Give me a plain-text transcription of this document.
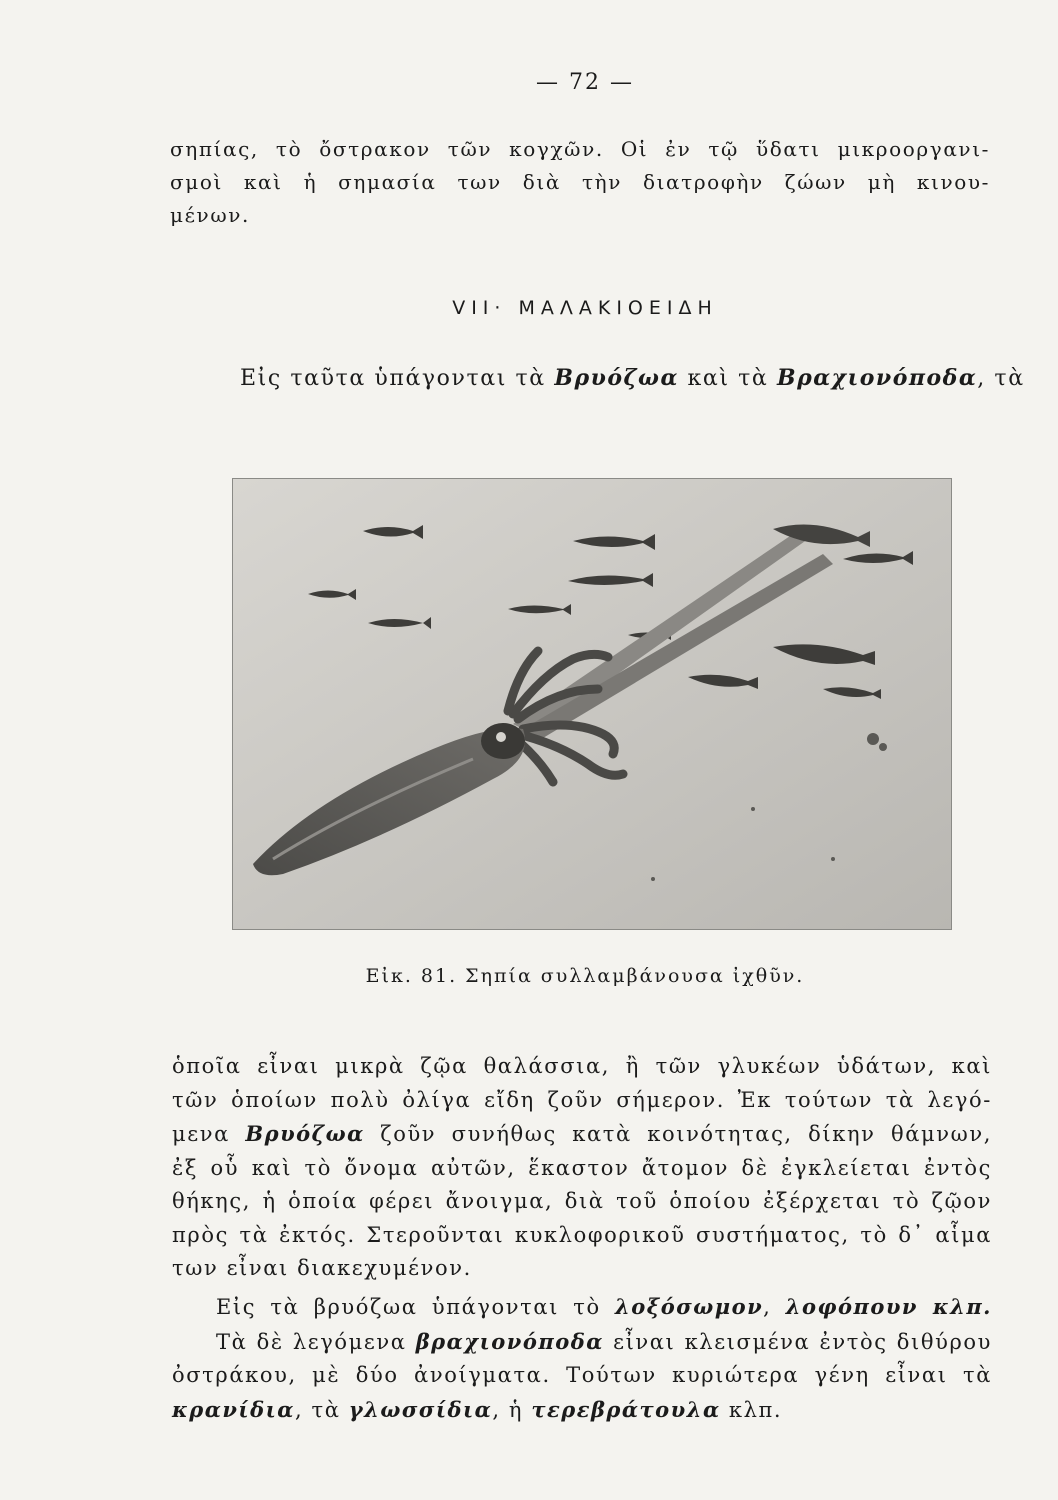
— 72 —

σηπίας, τὸ ὄστρακον τῶν κογχῶν. Οἱ ἐν τῷ ὕδατι μικροοργανι-
σμοὶ καὶ ἡ σημασία των διὰ τὴν διατροφὴν ζώων μὴ κινου-
μένων.

VII· ΜΑΛΑΚΙΟΕΙΔΗ

Εἰς ταῦτα ὑπάγονται τὰ Βρυόζωα καὶ τὰ Βραχιονόποδα, τὰ

Εἰκ. 81. Σηπία συλλαμβάνουσα ἰχθῦν.

ὁποῖα εἶναι μικρὰ ζῷα θαλάσσια, ἢ τῶν γλυκέων ὑδάτων, καὶ
τῶν ὁποίων πολὺ ὀλίγα εἴδη ζοῦν σήμερον. Ἐκ τούτων τὰ λεγό-
μενα Βρυόζωα ζοῦν συνήθως κατὰ κοινότητας, δίκην θάμνων,
ἐξ οὗ καὶ τὸ ὄνομα αὐτῶν, ἕκαστον ἄτομον δὲ ἐγκλείεται ἐντὸς
θήκης, ἡ ὁποία φέρει ἄνοιγμα, διὰ τοῦ ὁποίου ἐξέρχεται τὸ ζῷον
πρὸς τὰ ἐκτός. Στεροῦνται κυκλοφορικοῦ συστήματος, τὸ δ᾽ αἷμα
των εἶναι διακεχυμένον.

Εἰς τὰ βρυόζωα ὑπάγονται τὸ λοξόσωμον, λοφόπουν κλπ.
Τὰ δὲ λεγόμενα βραχιονόποδα εἶναι κλεισμένα ἐντὸς διθύρου
ὀστράκου, μὲ δύο ἀνοίγματα. Τούτων κυριώτερα γένη εἶναι τὰ
κρανίδια, τὰ γλωσσίδια, ἡ τερεβράτουλα κλπ.
